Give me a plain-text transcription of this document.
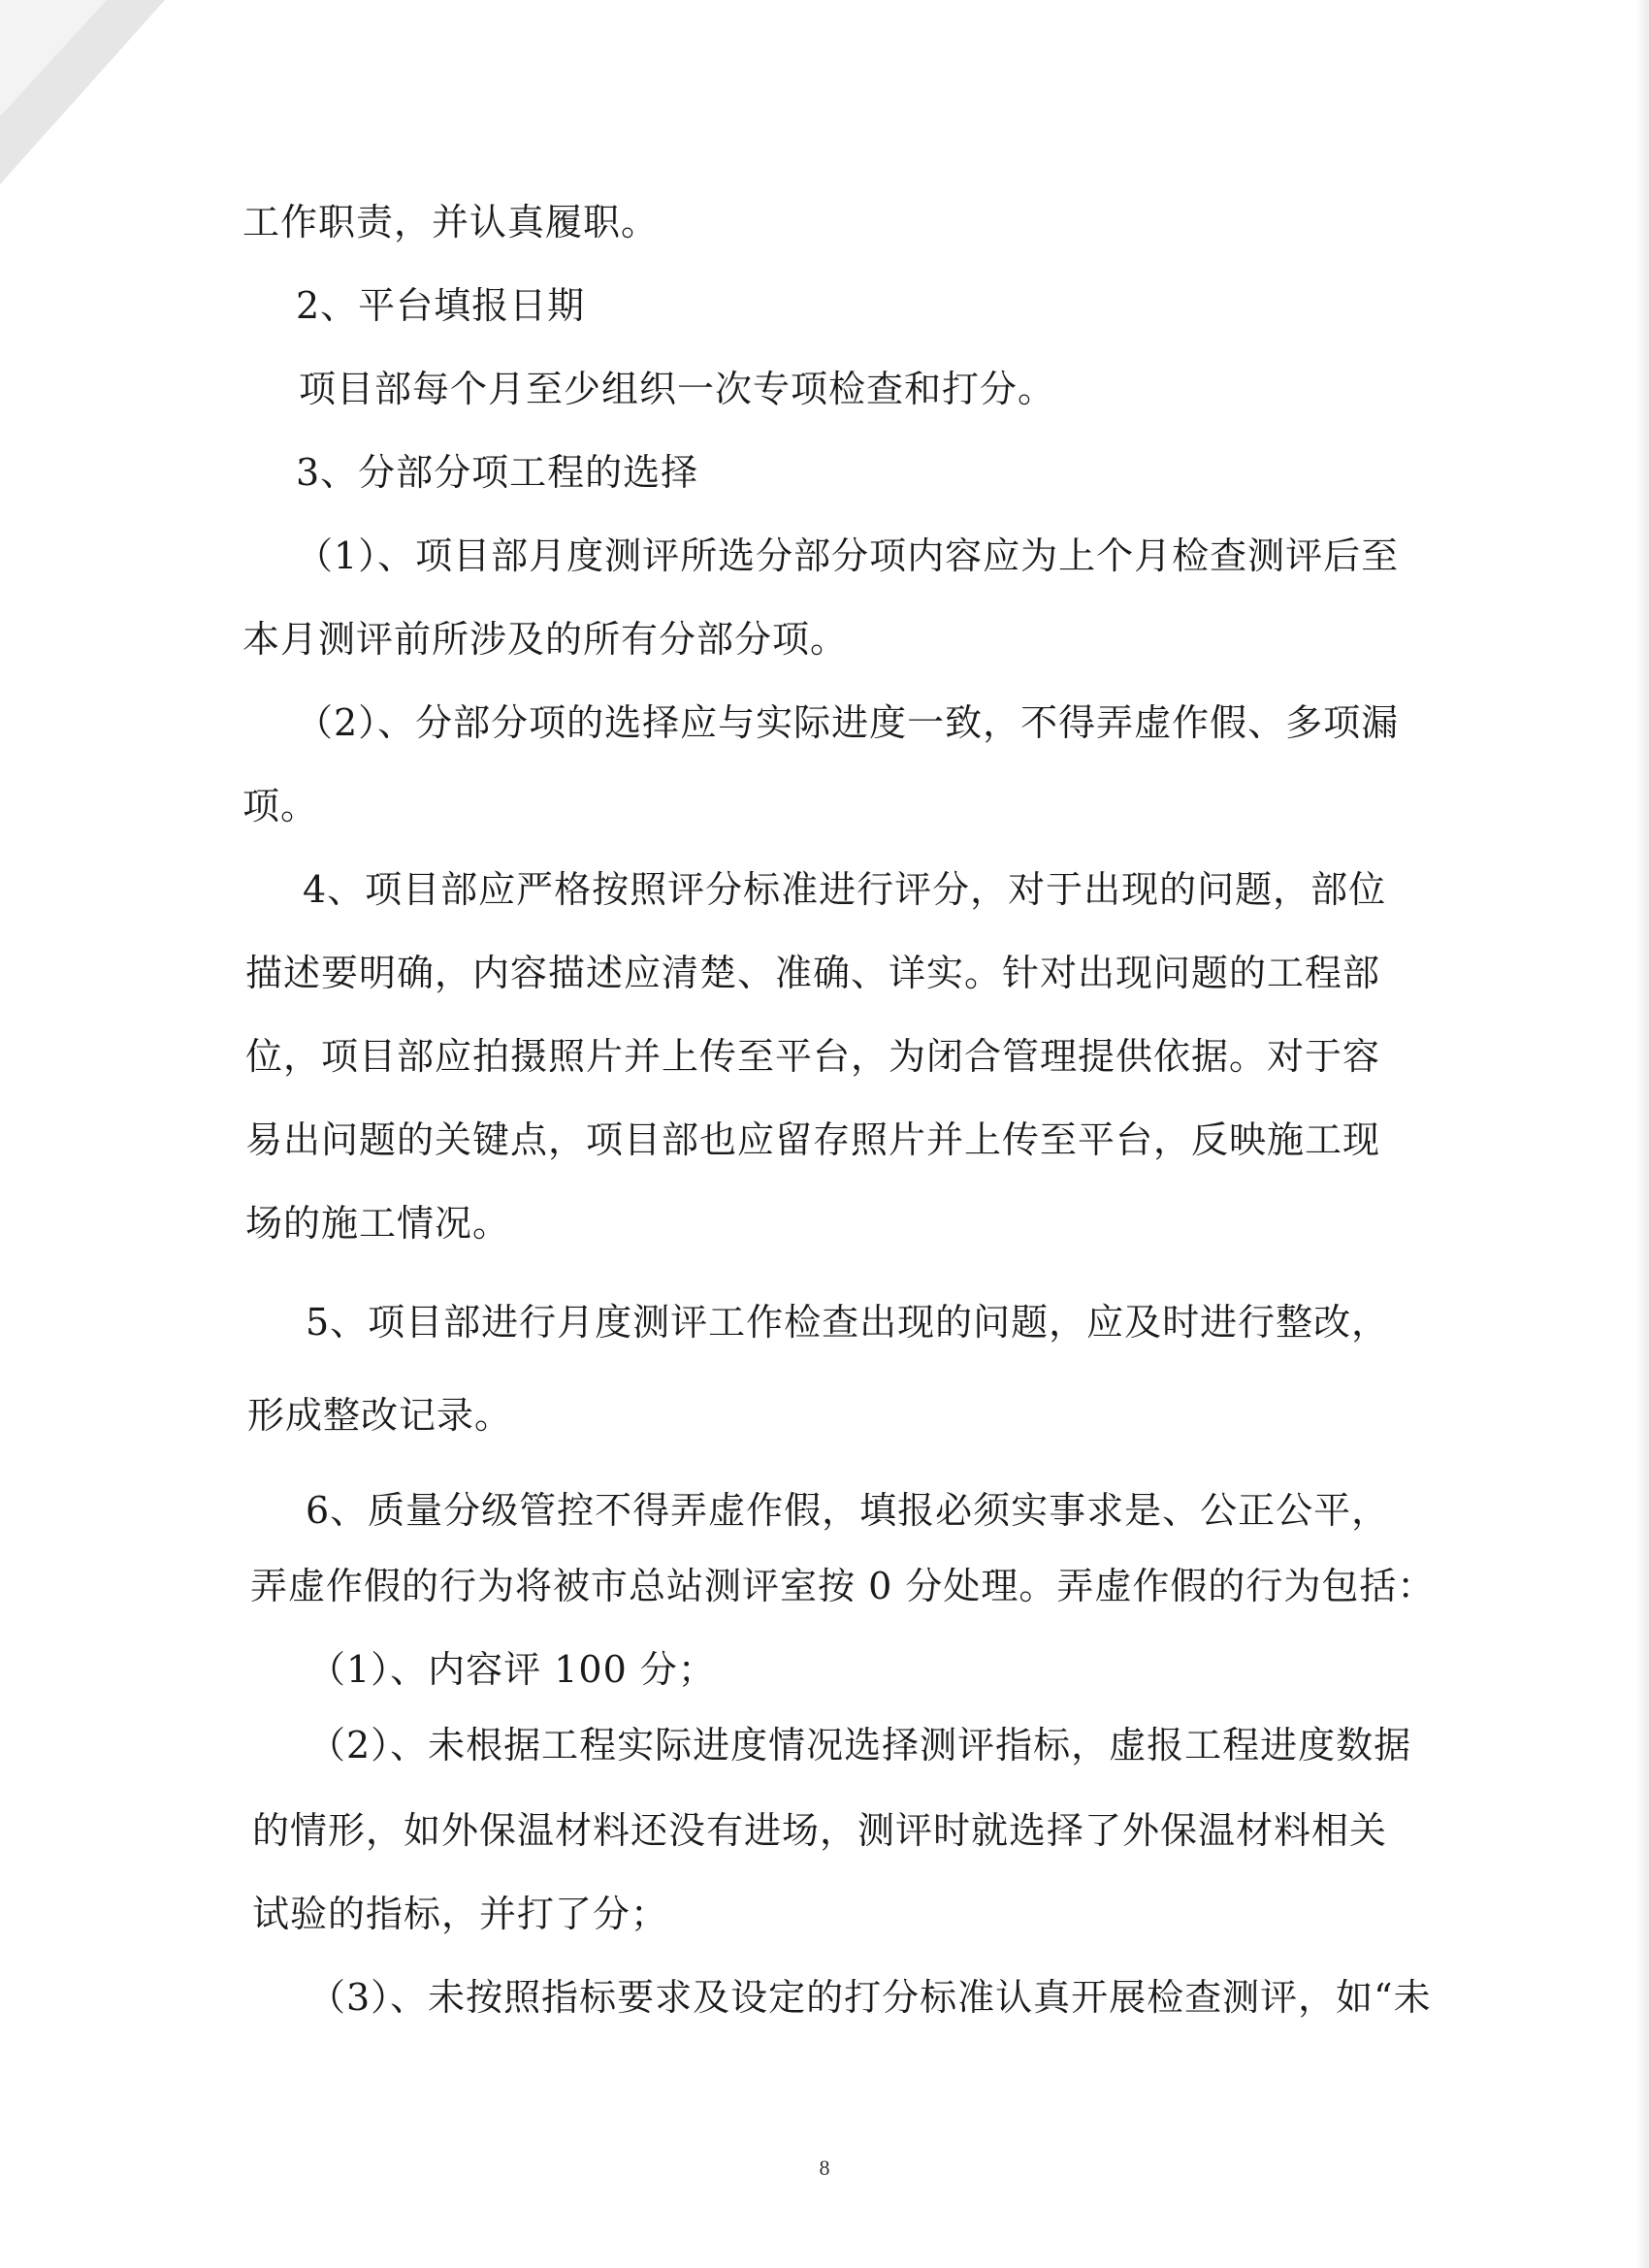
工作职责，并认真履职。

2、平台填报日期

项目部每个月至少组织一次专项检查和打分。

3、分部分项工程的选择

（1）、项目部月度测评所选分部分项内容应为上个月检查测评后至

本月测评前所涉及的所有分部分项。

（2）、分部分项的选择应与实际进度一致，不得弄虚作假、多项漏

项。

4、项目部应严格按照评分标准进行评分，对于出现的问题，部位

描述要明确，内容描述应清楚、准确、详实。针对出现问题的工程部

位，项目部应拍摄照片并上传至平台，为闭合管理提供依据。对于容

易出问题的关键点，项目部也应留存照片并上传至平台，反映施工现

场的施工情况。

5、项目部进行月度测评工作检查出现的问题，应及时进行整改，

形成整改记录。

6、质量分级管控不得弄虚作假，填报必须实事求是、公正公平，

弄虚作假的行为将被市总站测评室按 0 分处理。弄虚作假的行为包括：

（1）、内容评 100 分；

（2）、未根据工程实际进度情况选择测评指标，虚报工程进度数据

的情形，如外保温材料还没有进场，测评时就选择了外保温材料相关

试验的指标，并打了分；

（3）、未按照指标要求及设定的打分标准认真开展检查测评，如“未

8
